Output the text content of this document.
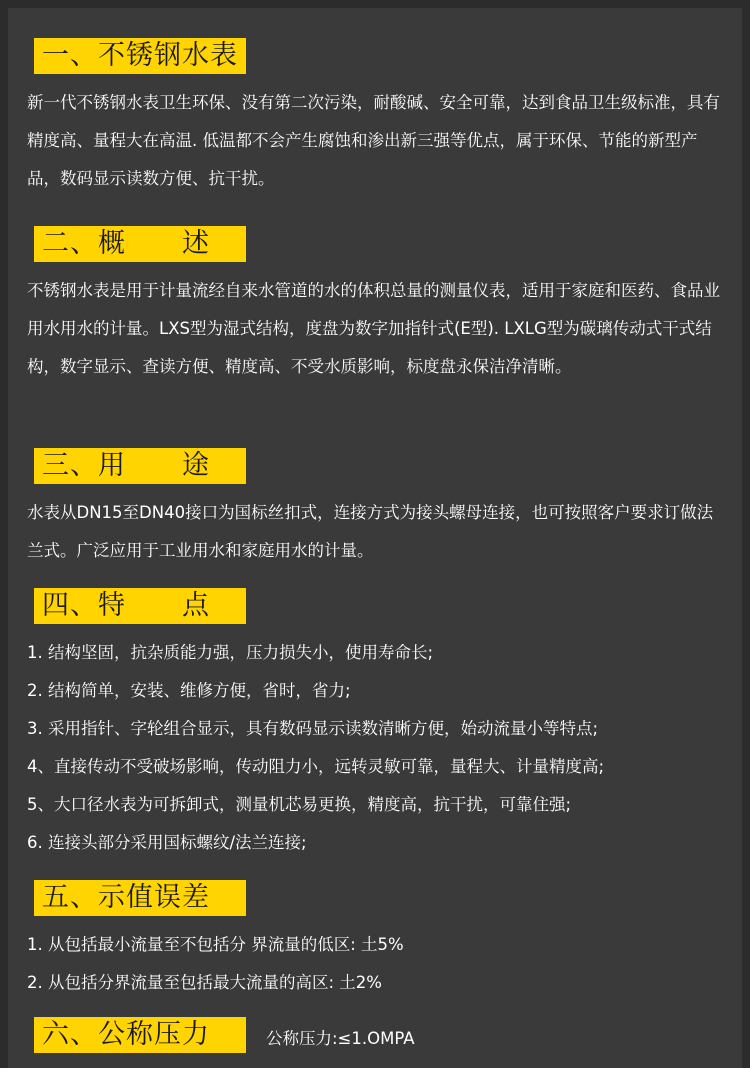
一、不锈钢水表

新一代不锈钢水表卫生环保、没有第二次污染，耐酸碱、安全可靠，达到食品卫生级标准，具有精度高、量程大在高温. 低温都不会产生腐蚀和渗出新三强等优点，属于环保、节能的新型产品，数码显示读数方便、抗干扰。

二、概　　述

不锈钢水表是用于计量流经自来水管道的水的体积总量的测量仪表，适用于家庭和医药、食品业用水用水的计量。LXS型为湿式结构，度盘为数字加指针式(E型). LXLG型为碳璃传动式干式结构，数字显示、查读方便、精度高、不受水质影响，标度盘永保洁净清晰。

三、用　　途

水表从DN15至DN40接口为国标丝扣式，连接方式为接头螺母连接，也可按照客户要求订做法兰式。广泛应用于工业用水和家庭用水的计量。

四、特　　点
1. 结构坚固，抗杂质能力强，压力损失小，使用寿命长;
2. 结构简单，安装、维修方便，省时，省力;
3. 采用指针、字轮组合显示，具有数码显示读数清晰方便，始动流量小等特点;
4、直接传动不受破场影响，传动阻力小，远转灵敏可靠，量程大、计量精度高;
5、大口径水表为可拆卸式，测量机芯易更换，精度高，抗干扰，可靠住强;
6. 连接头部分采用国标螺纹/法兰连接;
五、示值误差
1. 从包括最小流量至不包括分 界流量的低区: 土5%
2. 从包括分界流量至包括最大流量的高区: 土2%
六、公称压力	公称压力:≤1.OMPA
